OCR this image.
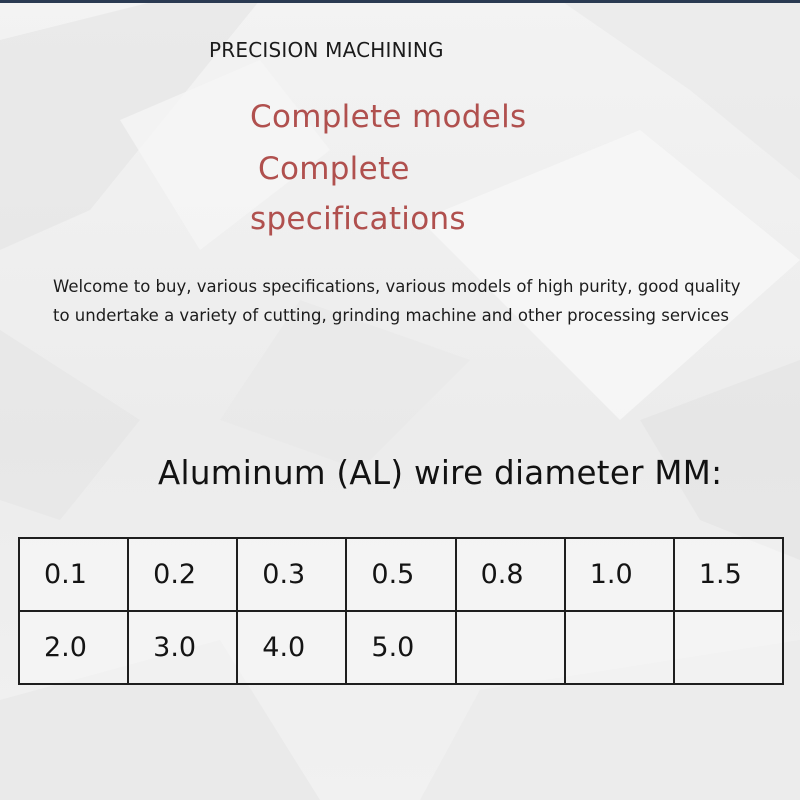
PRECISION MACHINING
Complete models
Complete
specifications
Welcome to buy, various specifications, various models of high purity, good quality to undertake a variety of cutting, grinding machine and other processing services
Aluminum (AL) wire diameter MM:
0.1	0.2	0.3	0.5	0.8	1.0	1.5
2.0	3.0	4.0	5.0			
